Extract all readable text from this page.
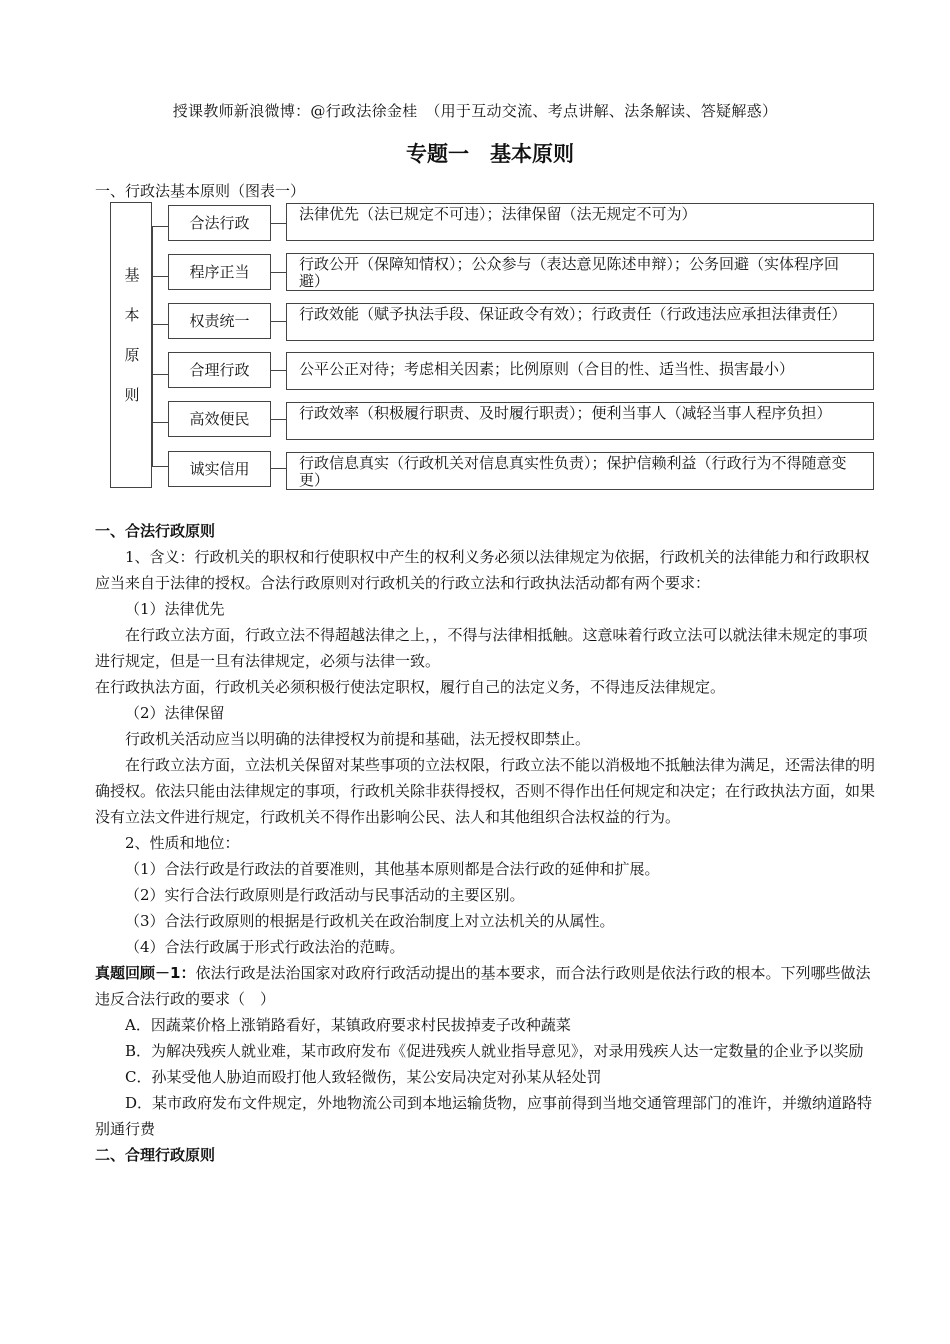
授课教师新浪微博：@行政法徐金桂　（用于互动交流、考点讲解、法条解读、答疑解惑）
专题一　基本原则
一、行政法基本原则（图表一）
基
本
原
则
合法行政	法律优先（法已规定不可违）；法律保留（法无规定不可为）
程序正当	行政公开（保障知情权）；公众参与（表达意见陈述申辩）；公务回避（实体程序回避）
权责统一	行政效能（赋予执法手段、保证政令有效）；行政责任（行政违法应承担法律责任）
合理行政	公平公正对待；考虑相关因素；比例原则（合目的性、适当性、损害最小）
高效便民	行政效率（积极履行职责、及时履行职责）；便利当事人（减轻当事人程序负担）
诚实信用	行政信息真实（行政机关对信息真实性负责）；保护信赖利益（行政行为不得随意变更）

一、合法行政原则

1、含义：行政机关的职权和行使职权中产生的权利义务必须以法律规定为依据，行政机关的法律能力和行政职权应当来自于法律的授权。合法行政原则对行政机关的行政立法和行政执法活动都有两个要求：

（1）法律优先

在行政立法方面，行政立法不得超越法律之上，，不得与法律相抵触。这意味着行政立法可以就法律未规定的事项进行规定，但是一旦有法律规定，必须与法律一致。

在行政执法方面，行政机关必须积极行使法定职权，履行自己的法定义务，不得违反法律规定。

（2）法律保留

行政机关活动应当以明确的法律授权为前提和基础，法无授权即禁止。

在行政立法方面，立法机关保留对某些事项的立法权限，行政立法不能以消极地不抵触法律为满足，还需法律的明确授权。依法只能由法律规定的事项，行政机关除非获得授权，否则不得作出任何规定和决定；在行政执法方面，如果没有立法文件进行规定，行政机关不得作出影响公民、法人和其他组织合法权益的行为。

2、性质和地位：

（1）合法行政是行政法的首要准则，其他基本原则都是合法行政的延伸和扩展。

（2）实行合法行政原则是行政活动与民事活动的主要区别。

（3）合法行政原则的根据是行政机关在政治制度上对立法机关的从属性。

（4）合法行政属于形式行政法治的范畴。

真题回顾－1：依法行政是法治国家对政府行政活动提出的基本要求，而合法行政则是依法行政的根本。下列哪些做法违反合法行政的要求（　）

A．因蔬菜价格上涨销路看好，某镇政府要求村民拔掉麦子改种蔬菜

B．为解决残疾人就业难，某市政府发布《促进残疾人就业指导意见》，对录用残疾人达一定数量的企业予以奖励

C．孙某受他人胁迫而殴打他人致轻微伤，某公安局决定对孙某从轻处罚

D．某市政府发布文件规定，外地物流公司到本地运输货物，应事前得到当地交通管理部门的准许，并缴纳道路特别通行费

二、合理行政原则
